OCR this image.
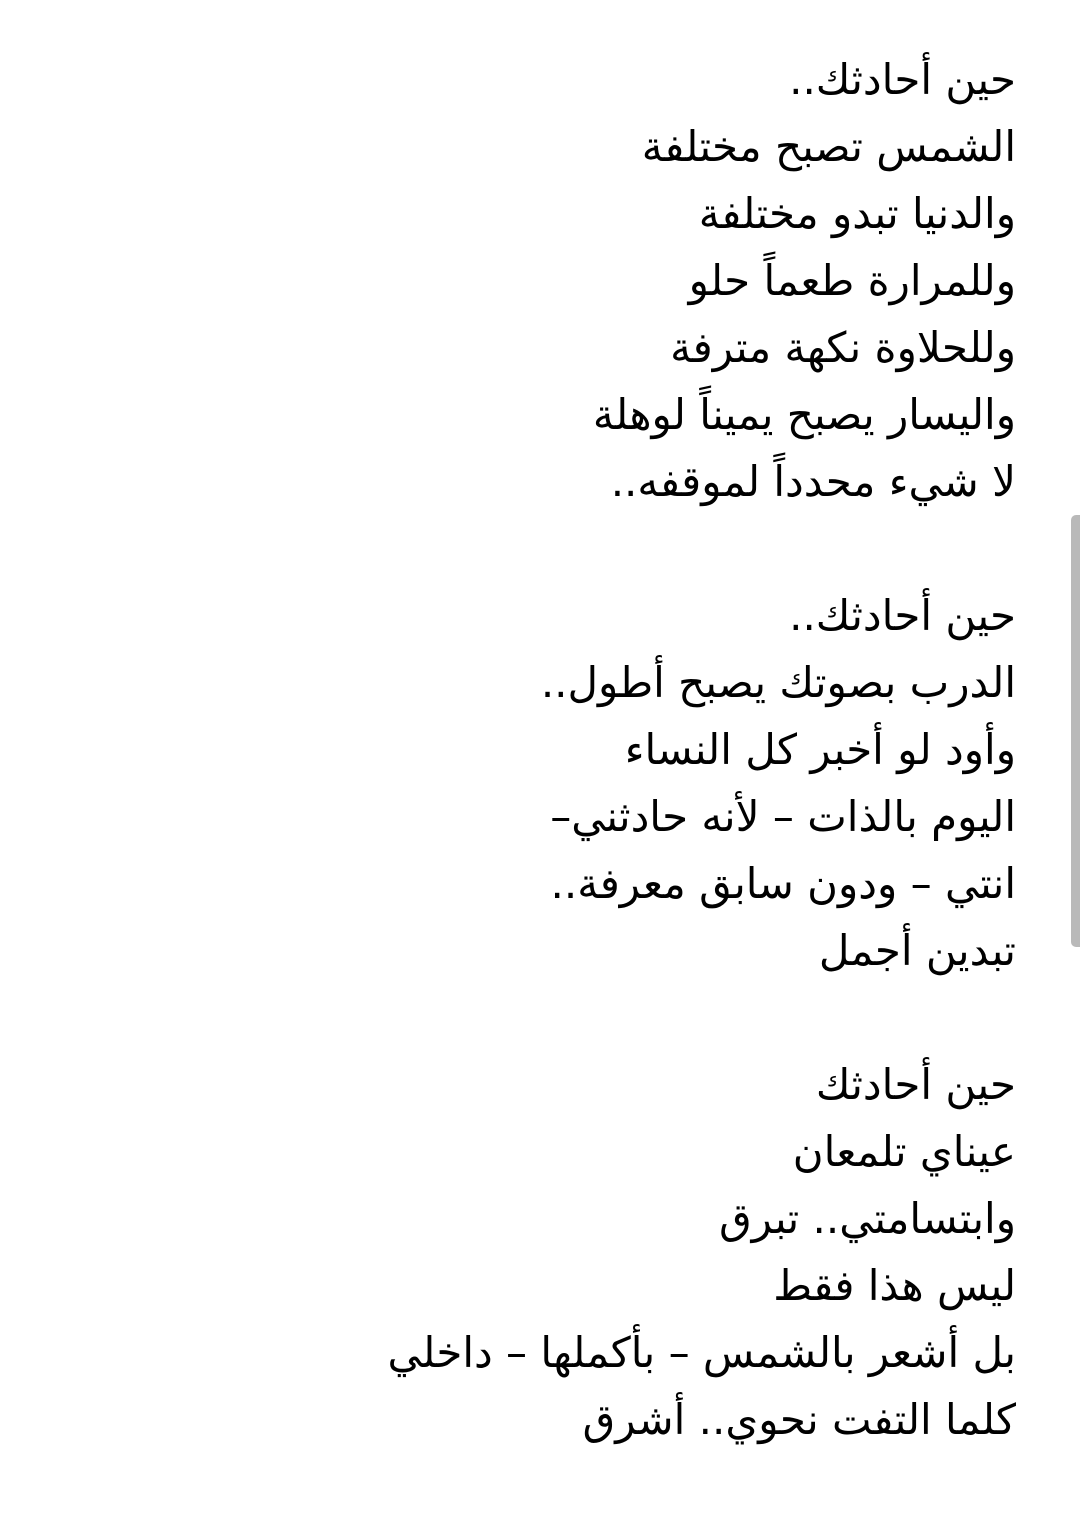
حين أحادثك..
الشمس تصبح مختلفة
والدنيا تبدو مختلفة
وللمرارة طعماً حلو
وللحلاوة نكهة مترفة
واليسار يصبح يميناً لوهلة
لا شيء محدداً لموقفه..
حين أحادثك..
الدرب بصوتك يصبح أطول..
وأود لو أخبر كل النساء
اليوم بالذات – لأنه حادثني–
انتي – ودون سابق معرفة..
تبدين أجمل
حين أحادثك
عيناي تلمعان
وابتسامتي.. تبرق
ليس هذا فقط
بل أشعر بالشمس – بأكملها – داخلي
كلما التفت نحوي.. أشرق
